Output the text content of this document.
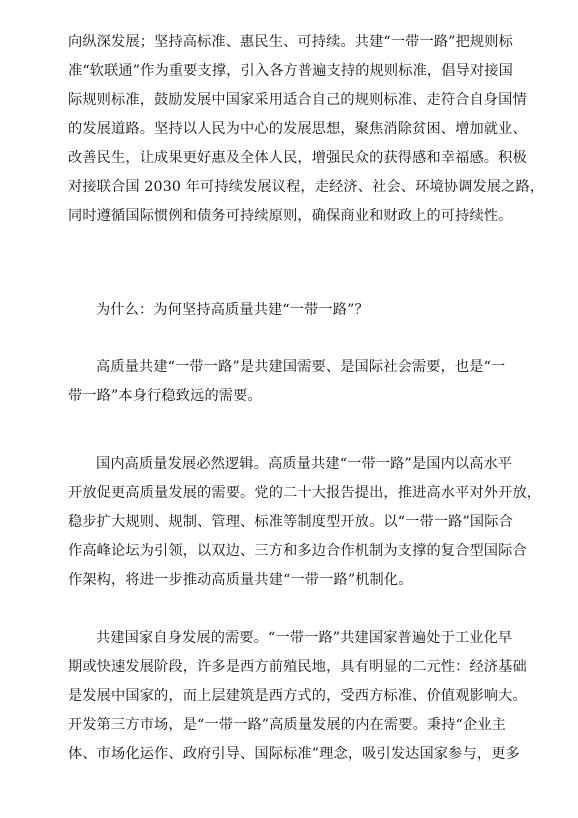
向纵深发展；坚持高标准、惠民生、可持续。共建“一带一路”把规则标
准“软联通”作为重要支撑，引入各方普遍支持的规则标准，倡导对接国
际规则标准，鼓励发展中国家采用适合自己的规则标准、走符合自身国情
的发展道路。坚持以人民为中心的发展思想，聚焦消除贫困、增加就业、
改善民生，让成果更好惠及全体人民，增强民众的获得感和幸福感。积极
对接联合国 2030 年可持续发展议程，走经济、社会、环境协调发展之路，
同时遵循国际惯例和债务可持续原则，确保商业和财政上的可持续性。
为什么：为何坚持高质量共建“一带一路”？
高质量共建“一带一路”是共建国需要、是国际社会需要，也是“一
带一路”本身行稳致远的需要。
国内高质量发展必然逻辑。高质量共建“一带一路”是国内以高水平
开放促更高质量发展的需要。党的二十大报告提出，推进高水平对外开放，
稳步扩大规则、规制、管理、标准等制度型开放。以“一带一路”国际合
作高峰论坛为引领，以双边、三方和多边合作机制为支撑的复合型国际合
作架构，将进一步推动高质量共建“一带一路”机制化。
共建国家自身发展的需要。“一带一路”共建国家普遍处于工业化早
期或快速发展阶段，许多是西方前殖民地，具有明显的二元性：经济基础
是发展中国家的，而上层建筑是西方式的，受西方标准、价值观影响大。
开发第三方市场，是“一带一路”高质量发展的内在需要。秉持“企业主
体、市场化运作、政府引导、国际标准”理念，吸引发达国家参与，更多
